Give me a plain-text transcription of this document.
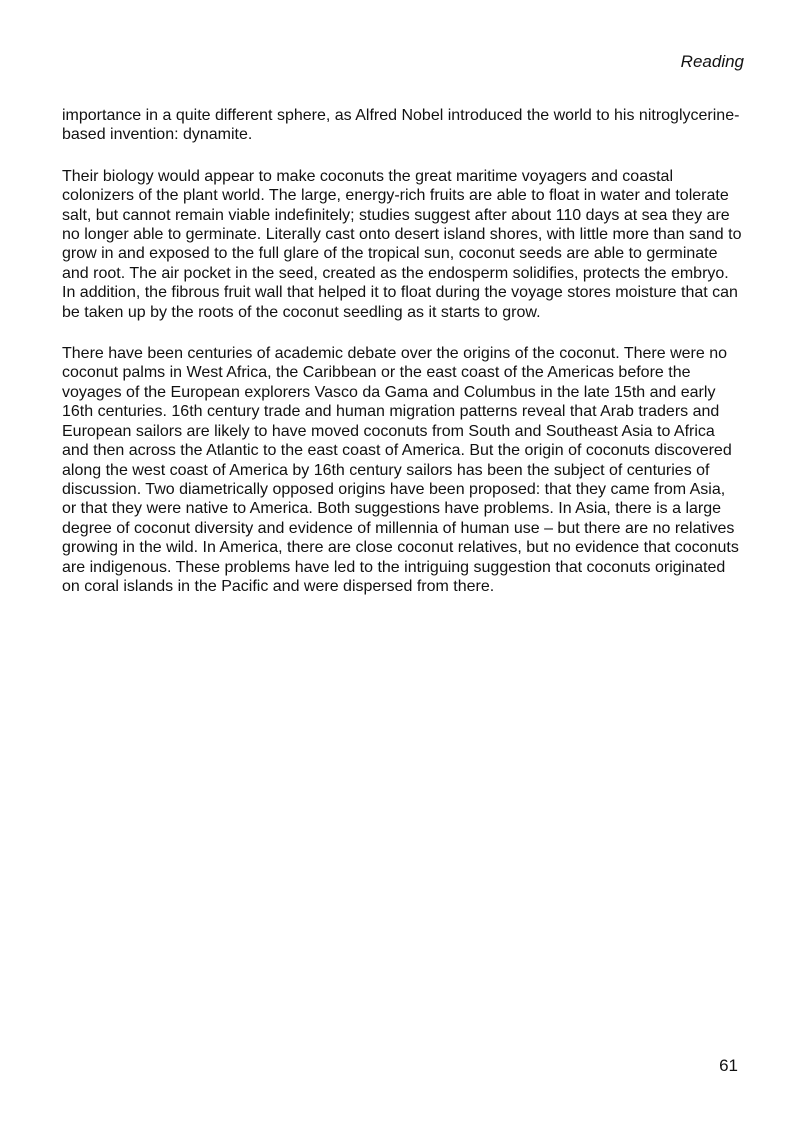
Reading

importance in a quite different sphere, as Alfred Nobel introduced the world to his nitroglycerine-based invention: dynamite.

Their biology would appear to make coconuts the great maritime voyagers and coastal colonizers of the plant world. The large, energy-rich fruits are able to float in water and tolerate salt, but cannot remain viable indefinitely; studies suggest after about 110 days at sea they are no longer able to germinate. Literally cast onto desert island shores, with little more than sand to grow in and exposed to the full glare of the tropical sun, coconut seeds are able to germinate and root. The air pocket in the seed, created as the endosperm solidifies, protects the embryo. In addition, the fibrous fruit wall that helped it to float during the voyage stores moisture that can be taken up by the roots of the coconut seedling as it starts to grow.

There have been centuries of academic debate over the origins of the coconut. There were no coconut palms in West Africa, the Caribbean or the east coast of the Americas before the voyages of the European explorers Vasco da Gama and Columbus in the late 15th and early 16th centuries. 16th century trade and human migration patterns reveal that Arab traders and European sailors are likely to have moved coconuts from South and Southeast Asia to Africa and then across the Atlantic to the east coast of America. But the origin of coconuts discovered along the west coast of America by 16th century sailors has been the subject of centuries of discussion. Two diametrically opposed origins have been proposed: that they came from Asia, or that they were native to America. Both suggestions have problems. In Asia, there is a large degree of coconut diversity and evidence of millennia of human use – but there are no relatives growing in the wild. In America, there are close coconut relatives, but no evidence that coconuts are indigenous. These problems have led to the intriguing suggestion that coconuts originated on coral islands in the Pacific and were dispersed from there.

61
